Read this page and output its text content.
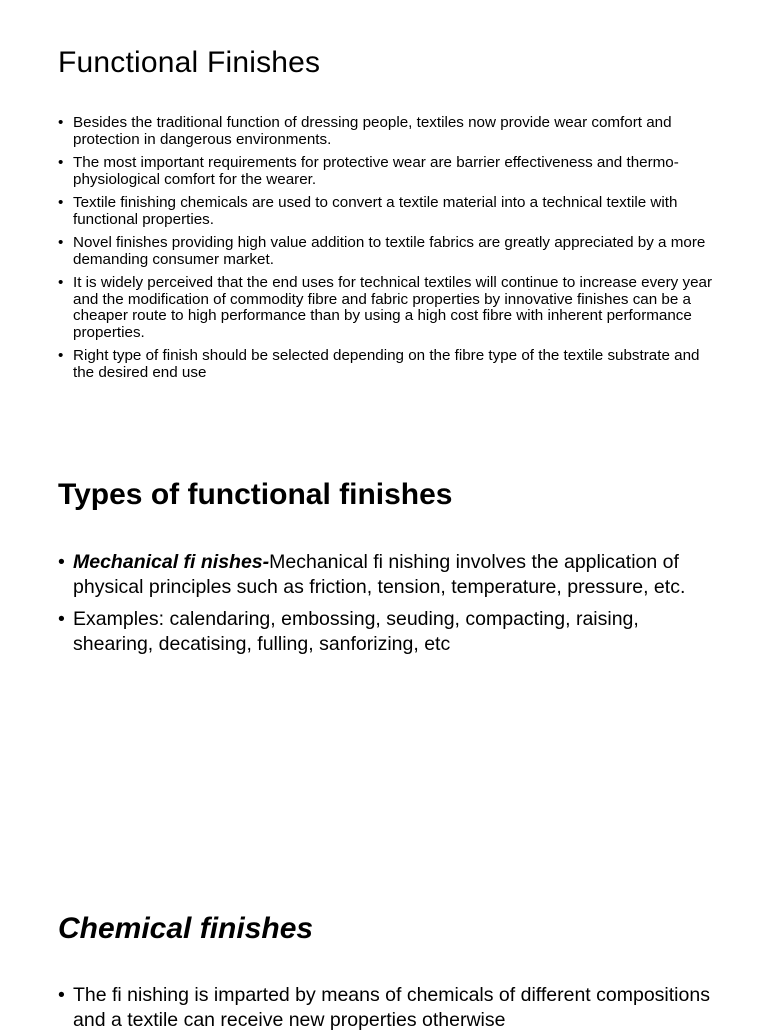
Functional Finishes
• Besides the traditional function of dressing people, textiles now provide wear comfort and protection in dangerous environments.
• The most important requirements for protective wear are barrier effectiveness and thermo-physiological comfort for the wearer.
• Textile finishing chemicals are used to convert a textile material into a technical textile with functional properties.
• Novel finishes providing high value addition to textile fabrics are greatly appreciated by a more demanding consumer market.
• It is widely perceived that the end uses for technical textiles will continue to increase every year and the modification of commodity fibre and fabric properties by innovative finishes can be a cheaper route to high performance than by using a high cost fibre with inherent performance properties.
• Right type of finish should be selected depending on the fibre type of the textile substrate and the desired end use
Types of functional finishes
• Mechanical fi nishes-Mechanical fi nishing involves the application of physical principles such as friction, tension, temperature, pressure, etc.
• Examples: calendaring, embossing, seuding, compacting, raising, shearing, decatising, fulling, sanforizing, etc
Chemical finishes
• The fi nishing is imparted by means of chemicals of different compositions and a textile can receive new properties otherwise
